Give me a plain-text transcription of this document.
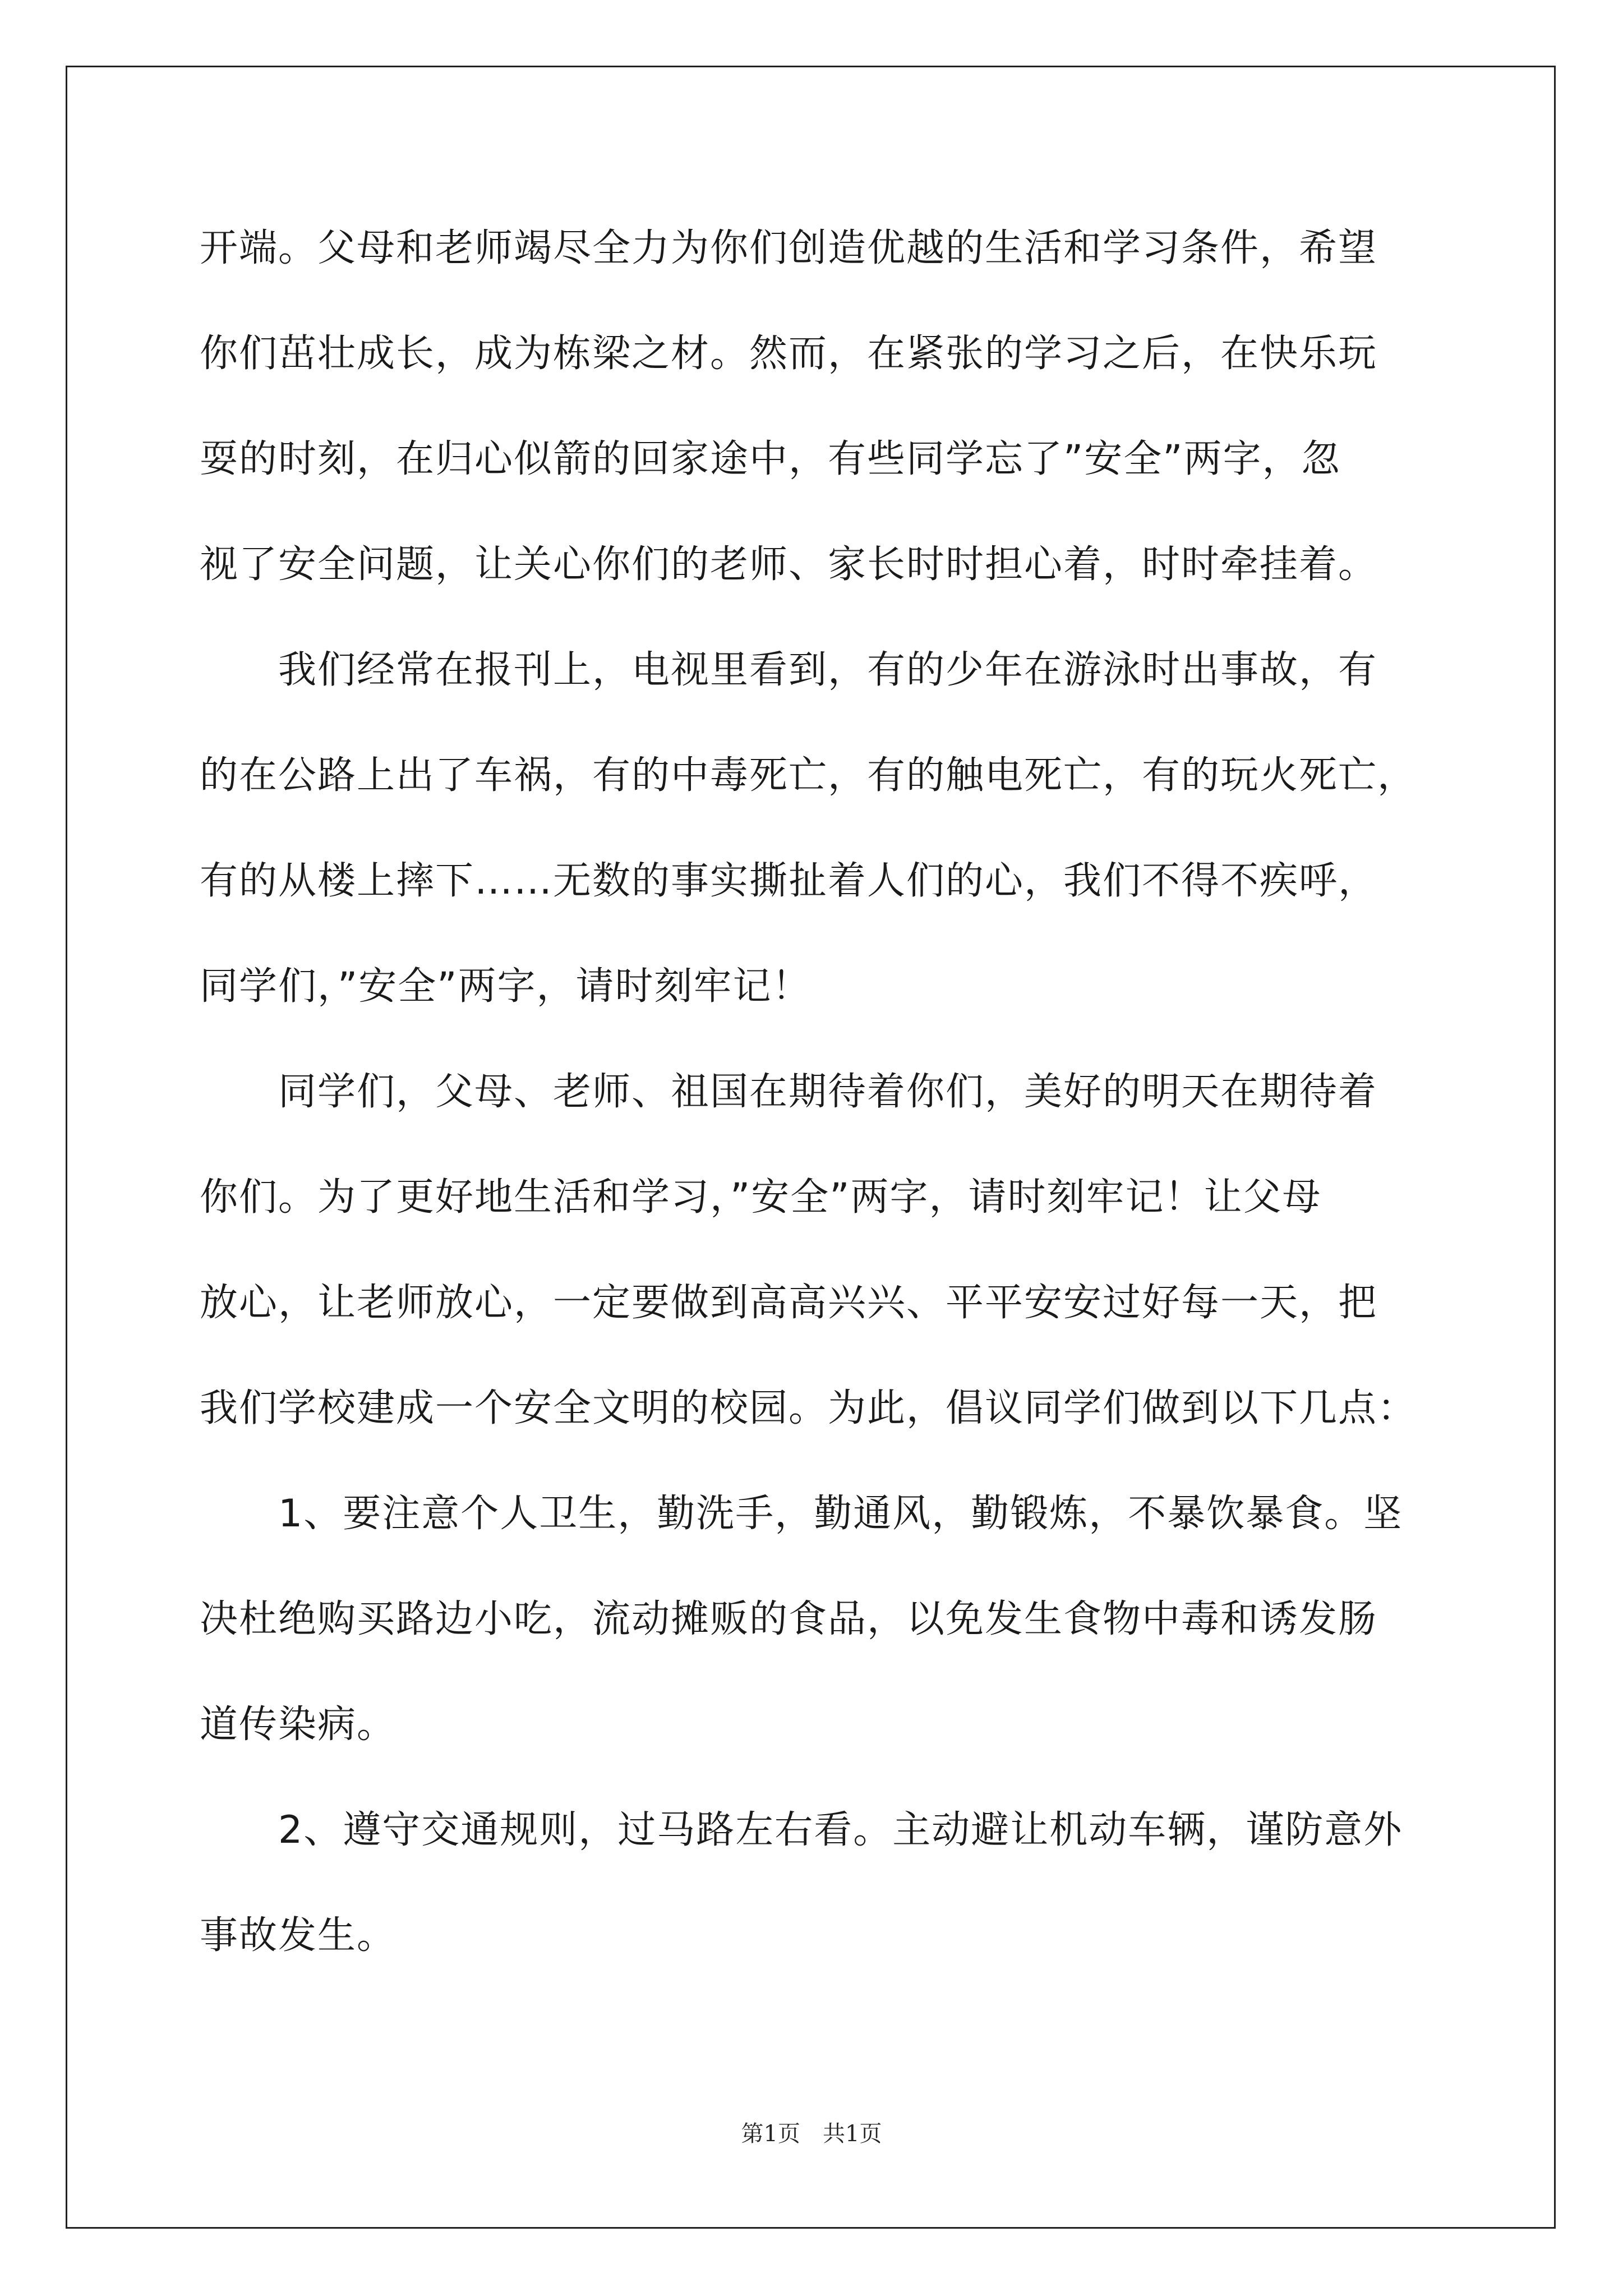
开端。父母和老师竭尽全力为你们创造优越的生活和学习条件，希望
你们茁壮成长，成为栋梁之材。然而，在紧张的学习之后，在快乐玩
耍的时刻，在归心似箭的回家途中，有些同学忘了”安全”两字，忽
视了安全问题，让关心你们的老师、家长时时担心着，时时牵挂着。
我们经常在报刊上，电视里看到，有的少年在游泳时出事故，有
的在公路上出了车祸，有的中毒死亡，有的触电死亡，有的玩火死亡，
有的从楼上摔下……无数的事实撕扯着人们的心，我们不得不疾呼，
同学们，”安全”两字，请时刻牢记！
同学们，父母、老师、祖国在期待着你们，美好的明天在期待着
你们。为了更好地生活和学习，”安全”两字，请时刻牢记！让父母
放心，让老师放心，一定要做到高高兴兴、平平安安过好每一天，把
我们学校建成一个安全文明的校园。为此，倡议同学们做到以下几点：
1、要注意个人卫生，勤洗手，勤通风，勤锻炼，不暴饮暴食。坚
决杜绝购买路边小吃，流动摊贩的食品，以免发生食物中毒和诱发肠
道传染病。
2、遵守交通规则，过马路左右看。主动避让机动车辆，谨防意外
事故发生。
第1页　共1页
